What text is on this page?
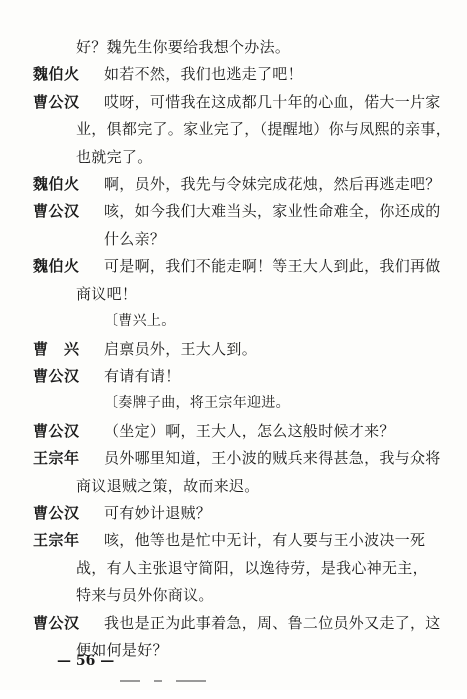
好？魏先生你要给我想个办法。
魏伯火 如若不然，我们也逃走了吧！
曹公汉 哎呀，可惜我在这成都几十年的心血，偌大一片家
业，俱都完了。家业完了，（提醒地）你与凤熙的亲事，
也就完了。
魏伯火 啊，员外，我先与令妹完成花烛，然后再逃走吧？
曹公汉 咳，如今我们大难当头，家业性命难全，你还成的
什么亲？
魏伯火 可是啊，我们不能走啊！等王大人到此，我们再做
商议吧！
〔曹兴上。
曹　兴 启禀员外，王大人到。
曹公汉 有请有请！
〔奏牌子曲，将王宗年迎进。
曹公汉 （坐定）啊，王大人，怎么这般时候才来？
王宗年 员外哪里知道，王小波的贼兵来得甚急，我与众将
商议退贼之策，故而来迟。
曹公汉 可有妙计退贼？
王宗年 咳，他等也是忙中无计，有人要与王小波决一死
战，有人主张退守简阳，以逸待劳，是我心神无主，
特来与员外你商议。
曹公汉 我也是正为此事着急，周、鲁二位员外又走了，这
便如何是好？
— 56 —
